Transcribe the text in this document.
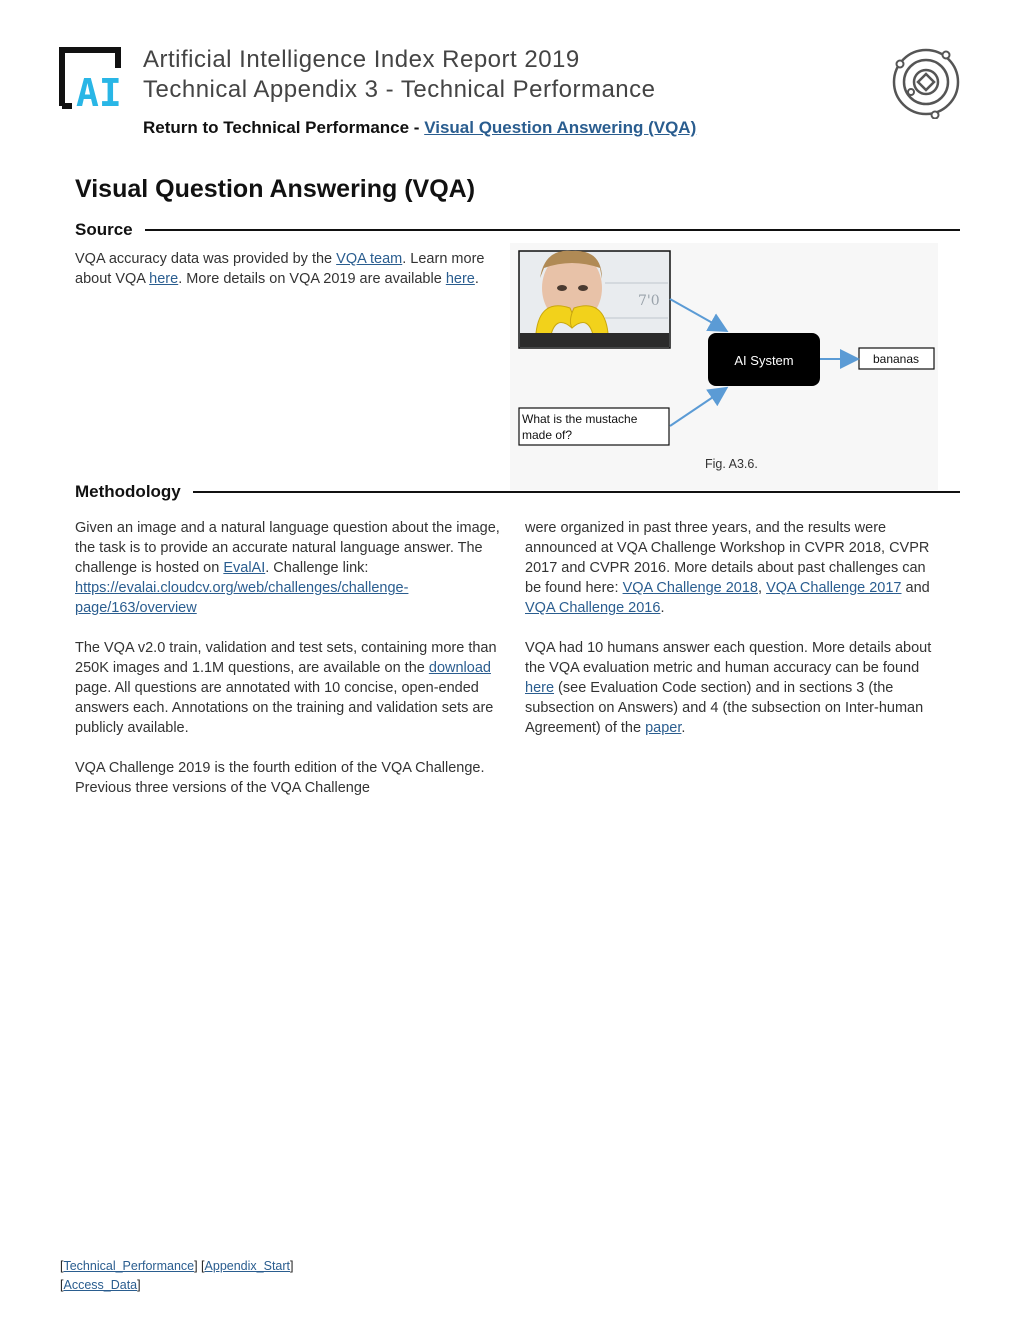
AI
Artificial Intelligence Index Report 2019
Technical Appendix 3 - Technical Performance
Return to Technical Performance - Visual Question Answering (VQA)
Visual Question Answering (VQA)
Source
VQA accuracy data was provided by the VQA team. Learn more about VQA here. More details on VQA 2019 are available here.
7'0
AI System	bananas
What is the mustache
made of?
Fig. A3.6.
Methodology

Given an image and a natural language question about the image, the task is to provide an accurate natural language answer. The challenge is hosted on EvalAI. Challenge link: https://evalai.cloudcv.org/web/challenges/challenge-page/163/overview

The VQA v2.0 train, validation and test sets, containing more than 250K images and 1.1M questions, are available on the download page. All questions are annotated with 10 concise, open-ended answers each. Annotations on the training and validation sets are publicly available.

VQA Challenge 2019 is the fourth edition of the VQA Challenge. Previous three versions of the VQA Challenge

were organized in past three years, and the results were announced at VQA Challenge Workshop in CVPR 2018, CVPR 2017 and CVPR 2016. More details about past challenges can be found here: VQA Challenge 2018, VQA Challenge 2017 and VQA Challenge 2016.

VQA had 10 humans answer each question. More details about the VQA evaluation metric and human accuracy can be found here (see Evaluation Code section) and in sections 3 (the subsection on Answers) and 4 (the subsection on Inter-human Agreement) of the paper.

[Technical_Performance] [Appendix_Start]
[Access_Data]
